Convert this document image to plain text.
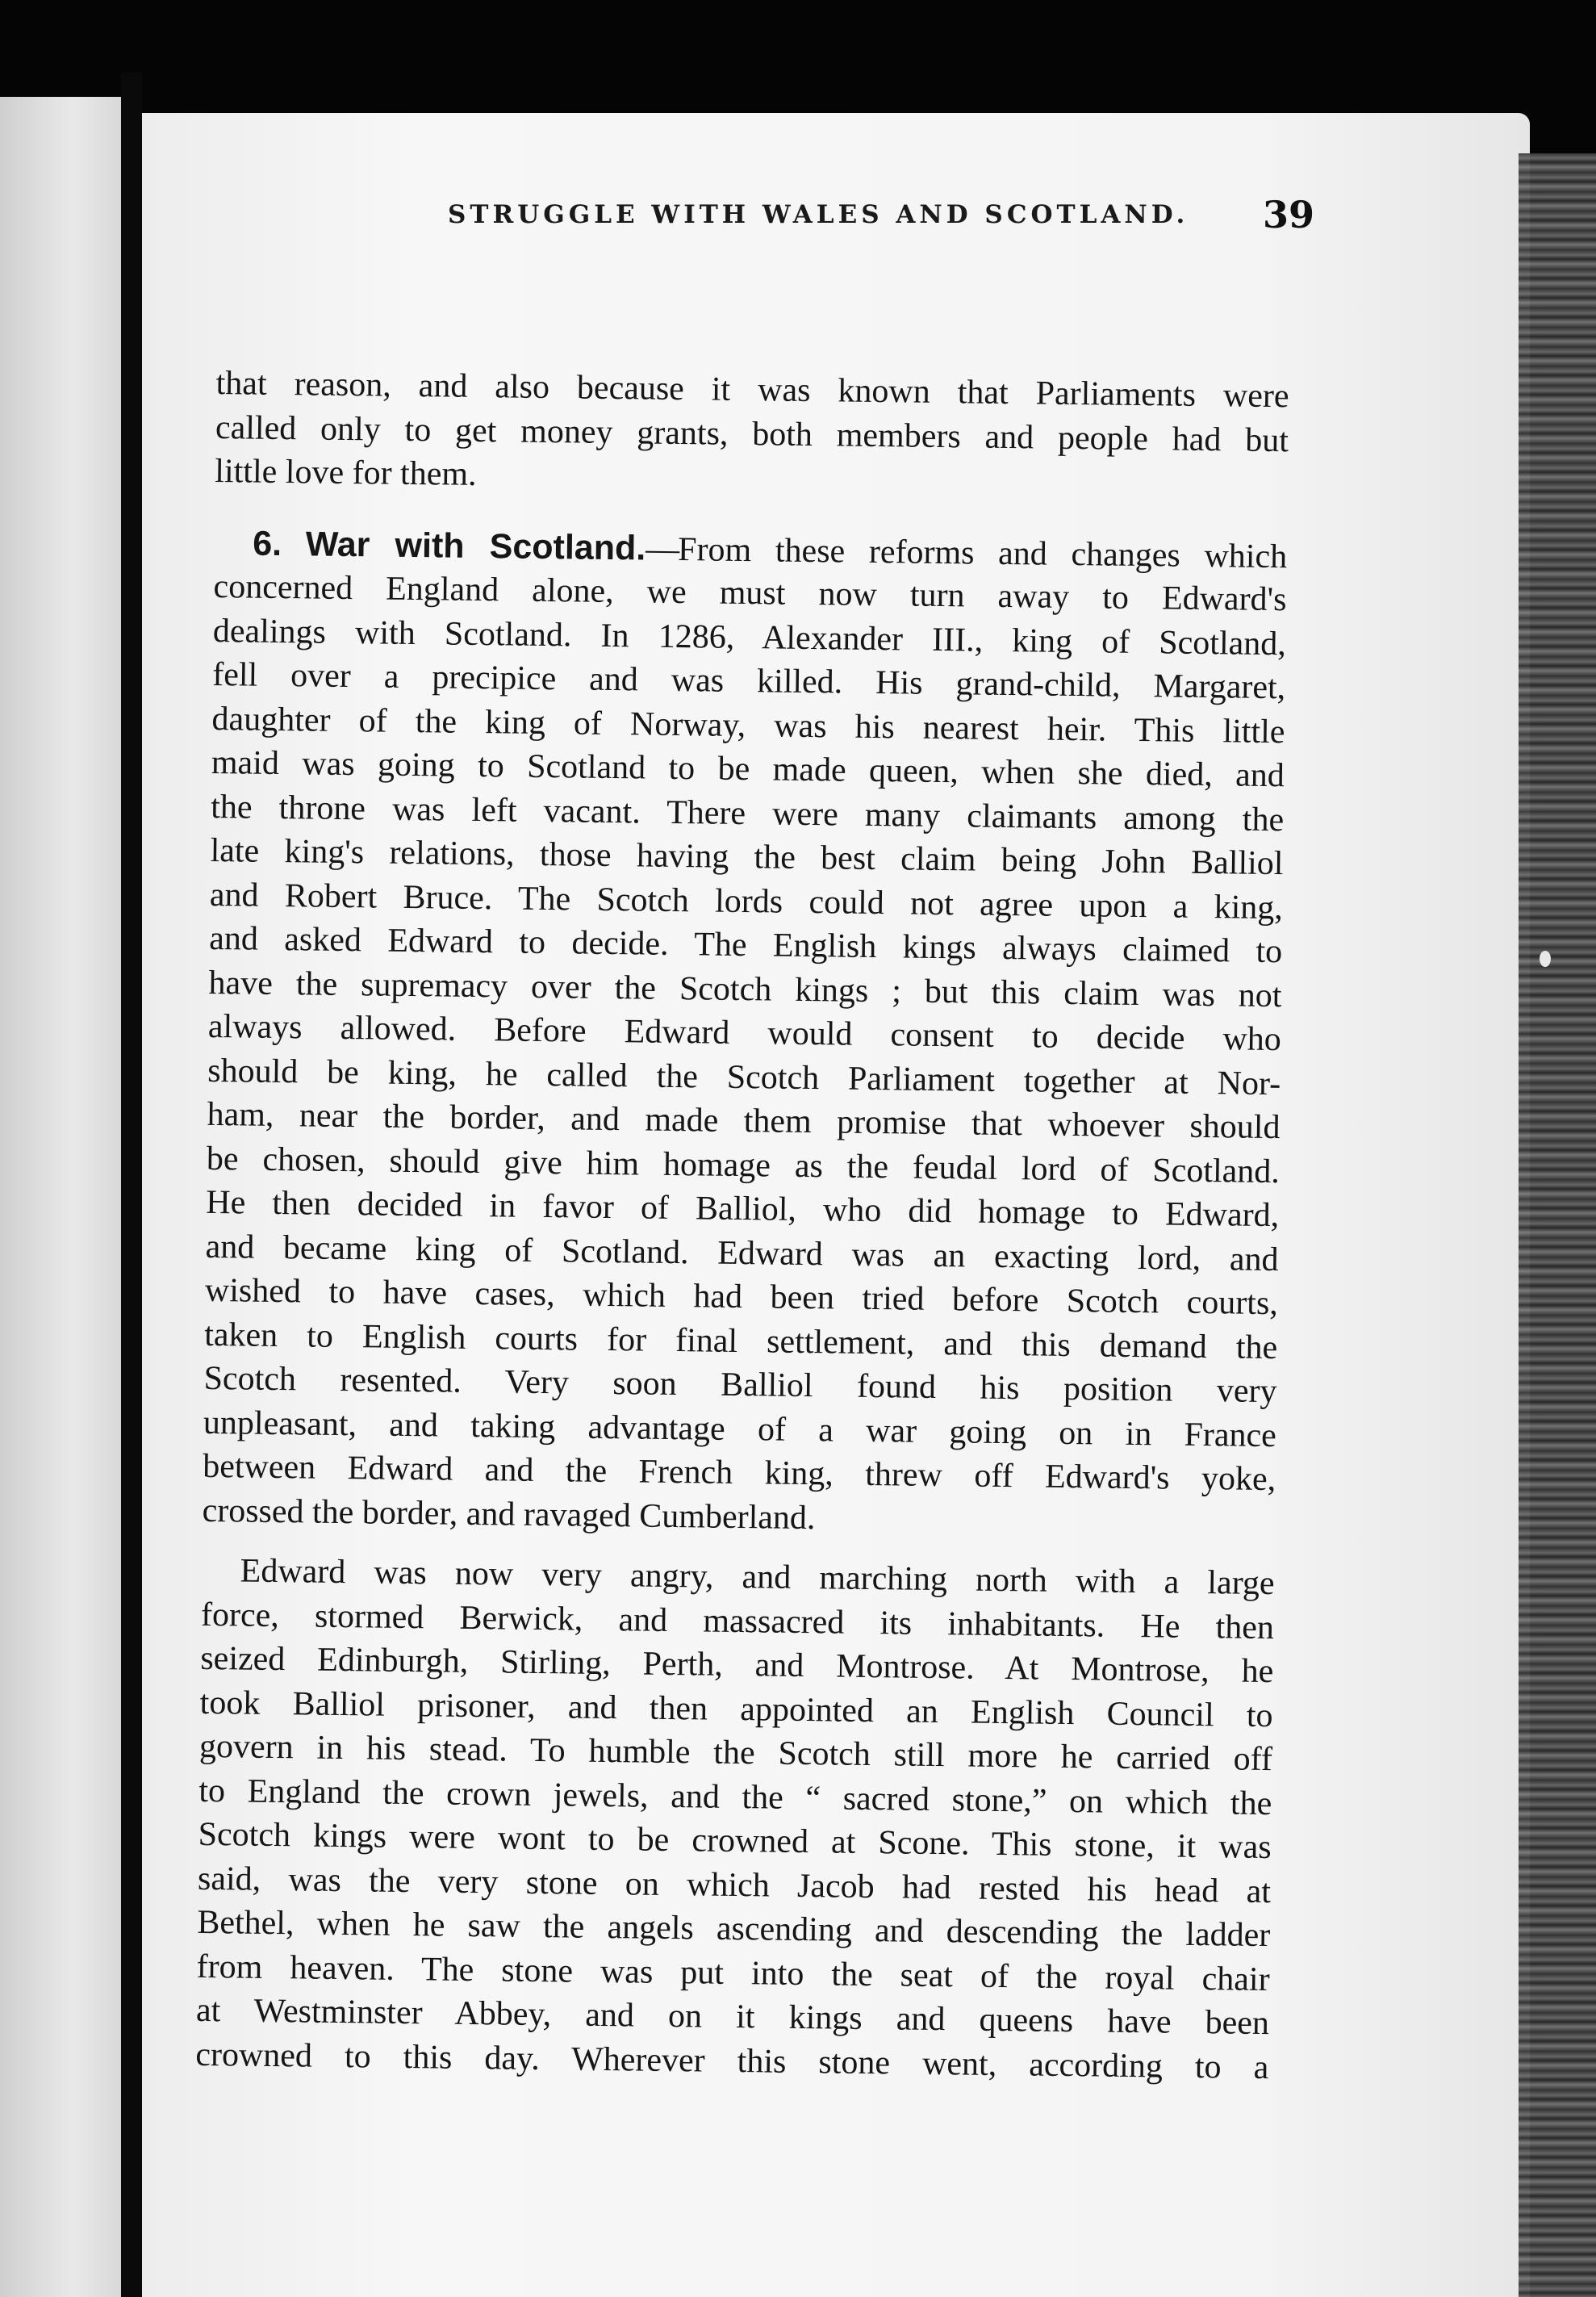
STRUGGLE WITH WALES AND SCOTLAND. 39
that reason, and also because it was known that Parliaments were
called only to get money grants, both members and people had but
little love for them.
6. War with Scotland.—From these reforms and changes which
concerned England alone, we must now turn away to Edward's
dealings with Scotland. In 1286, Alexander III., king of Scotland,
fell over a precipice and was killed. His grand-child, Margaret,
daughter of the king of Norway, was his nearest heir. This little
maid was going to Scotland to be made queen, when she died, and
the throne was left vacant. There were many claimants among the
late king's relations, those having the best claim being John Balliol
and Robert Bruce. The Scotch lords could not agree upon a king,
and asked Edward to decide. The English kings always claimed to
have the supremacy over the Scotch kings ; but this claim was not
always allowed. Before Edward would consent to decide who
should be king, he called the Scotch Parliament together at Nor-
ham, near the border, and made them promise that whoever should
be chosen, should give him homage as the feudal lord of Scotland.
He then decided in favor of Balliol, who did homage to Edward,
and became king of Scotland. Edward was an exacting lord, and
wished to have cases, which had been tried before Scotch courts,
taken to English courts for final settlement, and this demand the
Scotch resented. Very soon Balliol found his position very
unpleasant, and taking advantage of a war going on in France
between Edward and the French king, threw off Edward's yoke,
crossed the border, and ravaged Cumberland.
Edward was now very angry, and marching north with a large
force, stormed Berwick, and massacred its inhabitants. He then
seized Edinburgh, Stirling, Perth, and Montrose. At Montrose, he
took Balliol prisoner, and then appointed an English Council to
govern in his stead. To humble the Scotch still more he carried off
to England the crown jewels, and the “ sacred stone,” on which the
Scotch kings were wont to be crowned at Scone. This stone, it was
said, was the very stone on which Jacob had rested his head at
Bethel, when he saw the angels ascending and descending the ladder
from heaven. The stone was put into the seat of the royal chair
at Westminster Abbey, and on it kings and queens have been
crowned to this day. Wherever this stone went, according to a
